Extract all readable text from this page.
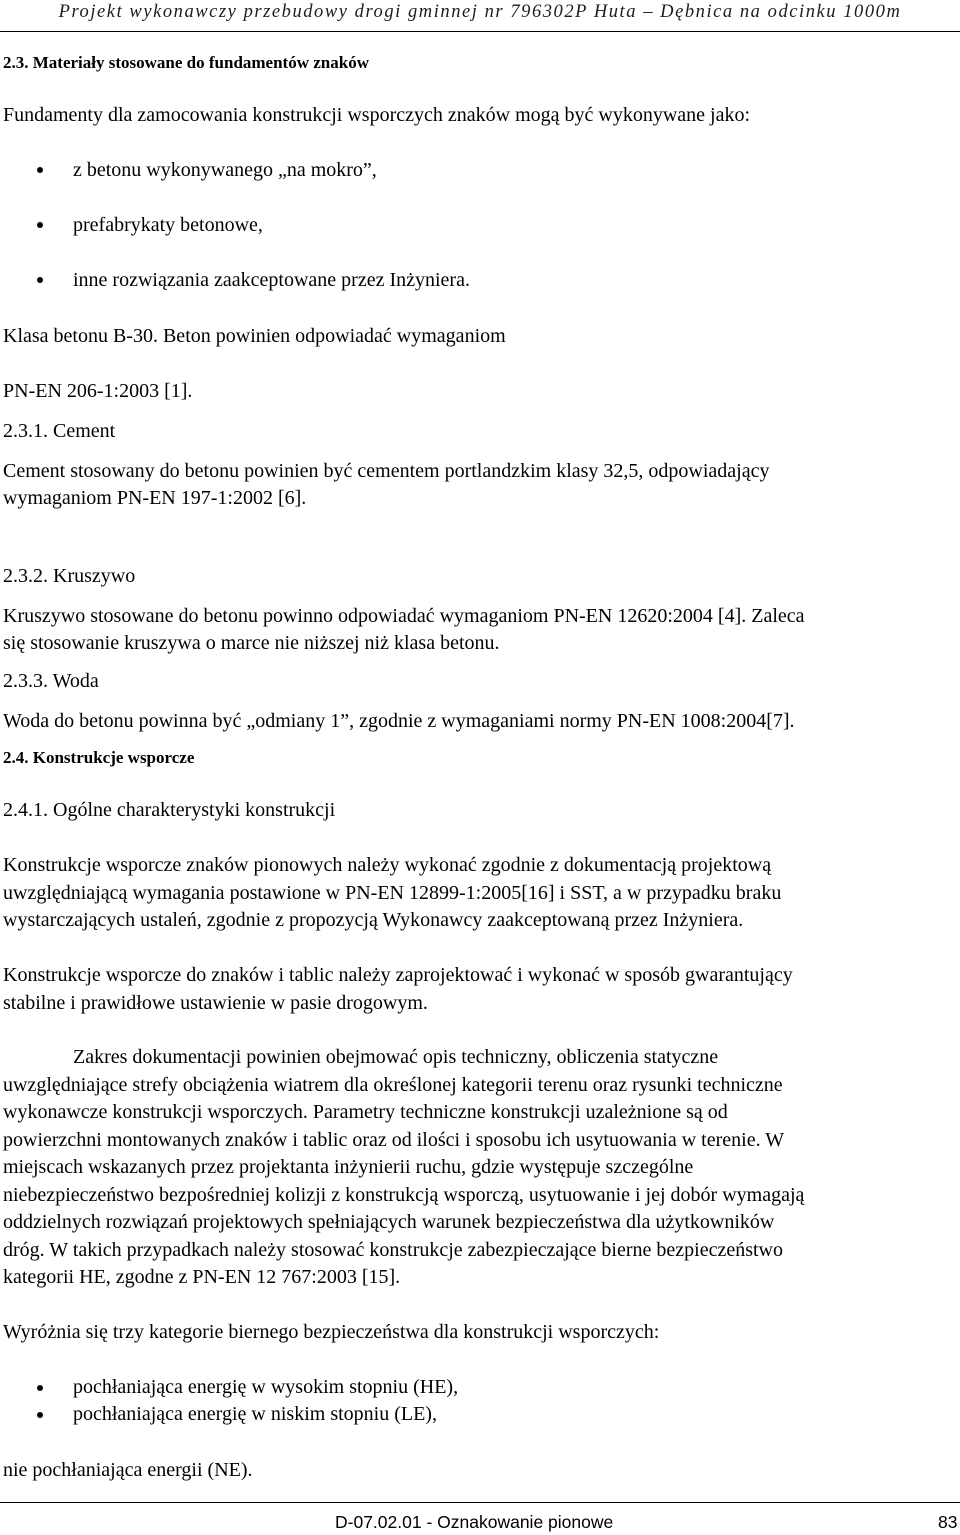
Projekt wykonawczy przebudowy drogi gminnej nr 796302P Huta – Dębnica na odcinku 1000m
2.3. Materiały stosowane do fundamentów znaków
Fundamenty dla zamocowania konstrukcji wsporczych znaków mogą być wykonywane jako:
z betonu wykonywanego „na mokro”,
prefabrykaty betonowe,
inne rozwiązania zaakceptowane przez Inżyniera.
Klasa betonu B-30. Beton powinien odpowiadać wymaganiom
PN-EN 206-1:2003 [1].
2.3.1. Cement
Cement stosowany do betonu powinien być cementem portlandzkim klasy 32,5, odpowiadający
wymaganiom PN-EN 197-1:2002 [6].
2.3.2. Kruszywo
Kruszywo stosowane do betonu powinno odpowiadać wymaganiom PN-EN 12620:2004 [4]. Zaleca
się stosowanie kruszywa o marce nie niższej niż klasa betonu.
2.3.3. Woda
Woda do betonu powinna być „odmiany 1”, zgodnie z wymaganiami normy PN-EN 1008:2004[7].
2.4. Konstrukcje wsporcze
2.4.1. Ogólne charakterystyki konstrukcji
Konstrukcje wsporcze znaków pionowych należy wykonać zgodnie z dokumentacją projektową
uwzględniającą wymagania postawione w PN-EN 12899-1:2005[16] i SST, a w przypadku braku
wystarczających ustaleń, zgodnie z propozycją Wykonawcy zaakceptowaną przez Inżyniera.
Konstrukcje wsporcze do znaków i tablic należy zaprojektować i wykonać w sposób gwarantujący
stabilne i prawidłowe ustawienie w pasie drogowym.
Zakres dokumentacji powinien obejmować opis techniczny, obliczenia statyczne
uwzględniające strefy obciążenia wiatrem dla określonej kategorii terenu oraz rysunki techniczne
wykonawcze konstrukcji wsporczych. Parametry techniczne konstrukcji uzależnione są od
powierzchni montowanych znaków i tablic oraz od ilości i sposobu ich usytuowania w terenie. W
miejscach wskazanych przez projektanta inżynierii ruchu, gdzie występuje szczególne
niebezpieczeństwo bezpośredniej kolizji z konstrukcją wsporczą, usytuowanie i jej dobór wymagają
oddzielnych rozwiązań projektowych spełniających warunek bezpieczeństwa dla użytkowników
dróg. W takich przypadkach należy stosować konstrukcje zabezpieczające bierne bezpieczeństwo
kategorii HE, zgodne z PN-EN 12 767:2003 [15].
Wyróżnia się trzy kategorie biernego bezpieczeństwa dla konstrukcji wsporczych:
pochłaniająca energię w wysokim stopniu (HE),
pochłaniająca energię w niskim stopniu (LE),
nie pochłaniająca energii (NE).
D-07.02.01 - Oznakowanie pionowe	83
